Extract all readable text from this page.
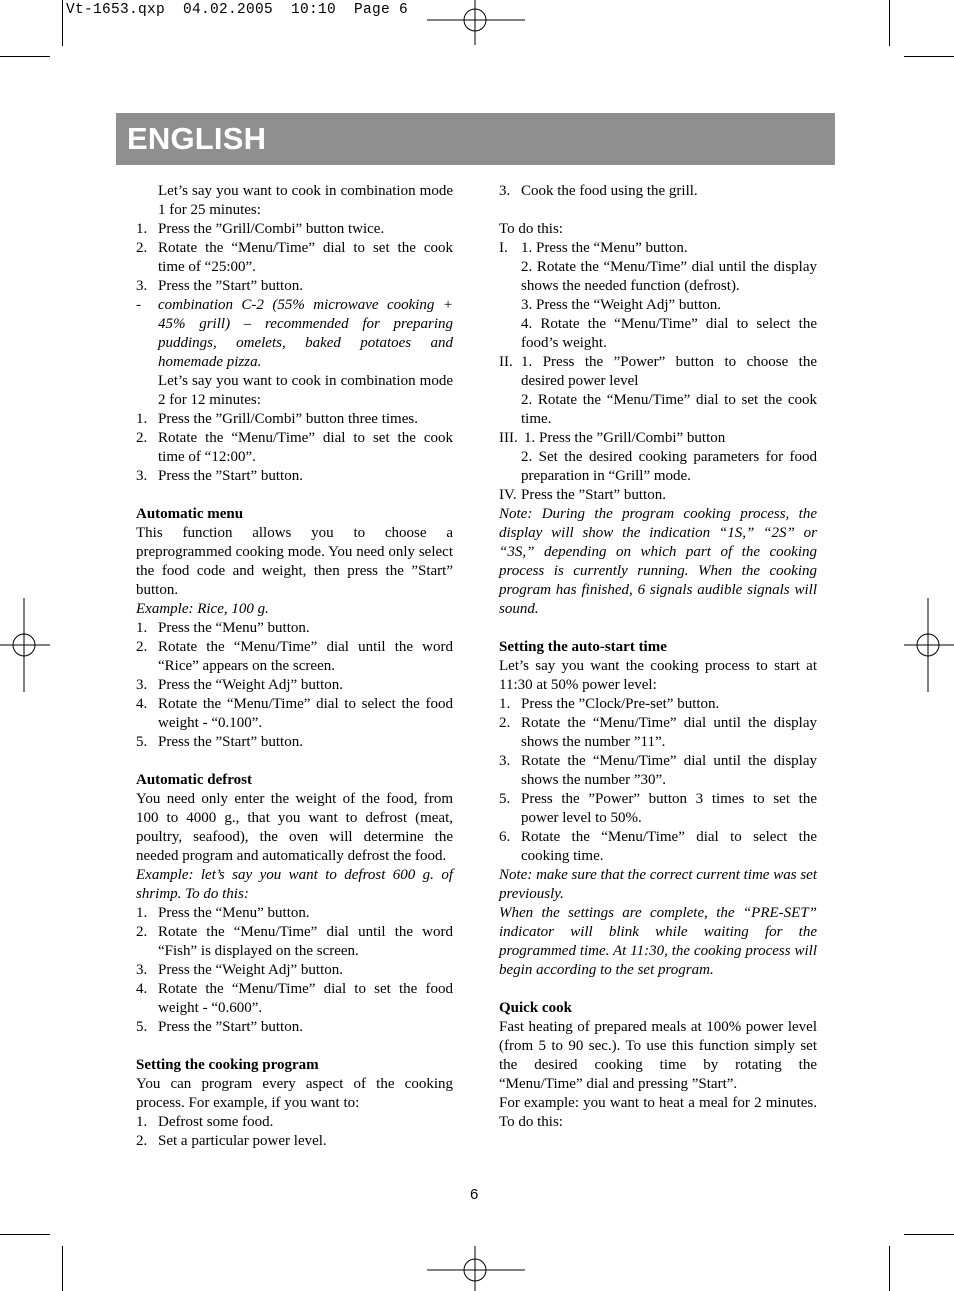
Vt-1653.qxp  04.02.2005  10:10  Page 6
ENGLISH

Let’s say you want to cook in combination mode 1 for 25 minutes:

1. Press the ”Grill/Combi” button twice.
2. Rotate the “Menu/Time” dial to set the cook time of “25:00”.
3. Press the ”Start” button.
- combination C-2 (55% microwave cooking + 45% grill) – recommended for preparing puddings, omelets, baked potatoes and homemade pizza.

Let’s say you want to cook in combination mode 2 for 12 minutes:

1. Press the ”Grill/Combi” button three times.
2. Rotate the “Menu/Time” dial to set the cook time of “12:00”.
3. Press the ”Start” button.

Automatic menu

This function allows you to choose a preprogrammed cooking mode. You need only select the food code and weight, then press the ”Start” button.

Example: Rice, 100 g.

1. Press the “Menu” button.
2. Rotate the “Menu/Time” dial until the word “Rice” appears on the screen.
3. Press the “Weight Adj” button.
4. Rotate the “Menu/Time” dial to select the food weight - “0.100”.
5. Press the ”Start” button.

Automatic defrost

You need only enter the weight of the food, from 100 to 4000 g., that you want to defrost (meat, poultry, seafood), the oven will determine the needed program and automatically defrost the food.

Example: let’s say you want to defrost 600 g. of shrimp. To do this:

1. Press the “Menu” button.
2. Rotate the “Menu/Time” dial until the word “Fish” is displayed on the screen.
3. Press the “Weight Adj” button.
4. Rotate the “Menu/Time” dial to set the food weight - “0.600”.
5. Press the ”Start” button.

Setting the cooking program

You can program every aspect of the cooking process. For example, if you want to:

1. Defrost some food.
2. Set a particular power level.
3. Cook the food using the grill.

To do this:

I. 1. Press the “Menu” button.

2. Rotate the “Menu/Time” dial until the display shows the needed function (defrost).

3. Press the “Weight Adj” button.

4. Rotate the “Menu/Time” dial to select the food’s weight.

II. 1. Press the ”Power” button to choose the desired power level

2. Rotate the “Menu/Time” dial to set the cook time.

III. 1. Press the ”Grill/Combi” button

2. Set the desired cooking parameters for food preparation in “Grill” mode.

IV. Press the ”Start” button.

Note: During the program cooking process, the display will show the indication “1S,” “2S” or “3S,” depending on which part of the cooking process is currently running. When the cooking program has finished, 6 signals audible signals will sound.

Setting the auto-start time

Let’s say you want the cooking process to start at 11:30 at 50% power level:

1. Press the ”Clock/Pre-set” button.
2. Rotate the “Menu/Time” dial until the display shows the number ”11”.
3. Rotate the “Menu/Time” dial until the display shows the number ”30”.
5. Press the ”Power” button 3 times to set the power level to 50%.
6. Rotate the “Menu/Time” dial to select the cooking time.

Note: make sure that the correct current time was set previously.

When the settings are complete, the “PRE-SET” indicator will blink while waiting for the programmed time. At 11:30, the cooking process will begin according to the set program.

Quick cook

Fast heating of prepared meals at 100% power level (from 5 to 90 sec.). To use this function simply set the desired cooking time by rotating the “Menu/Time” dial and pressing ”Start”.

For example: you want to heat a meal for 2 minutes. To do this:

6
